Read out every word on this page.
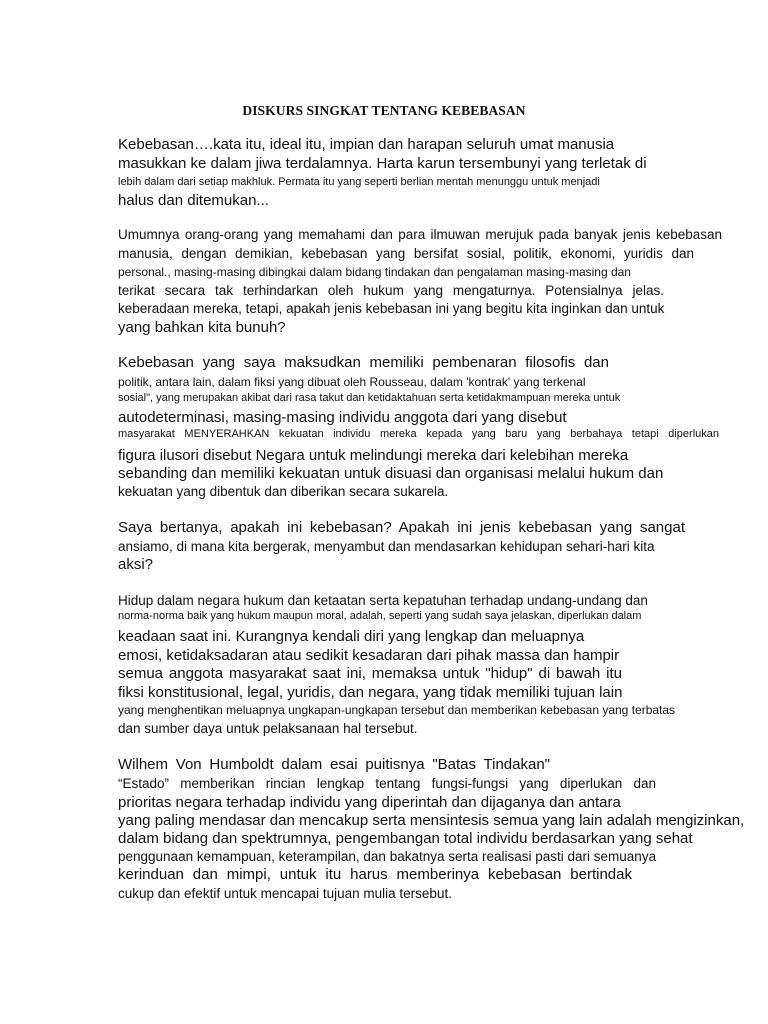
DISKURS SINGKAT TENTANG KEBEBASAN
Kebebasan….kata itu, ideal itu, impian dan harapan seluruh umat manusia
masukkan ke dalam jiwa terdalamnya. Harta karun tersembunyi yang terletak di
lebih dalam dari setiap makhluk. Permata itu yang seperti berlian mentah menunggu untuk menjadi
halus dan ditemukan...
Umumnya orang-orang yang memahami dan para ilmuwan merujuk pada banyak jenis kebebasan
manusia, dengan demikian, kebebasan yang bersifat sosial, politik, ekonomi, yuridis dan
personal., masing-masing dibingkai dalam bidang tindakan dan pengalaman masing-masing dan
terikat secara tak terhindarkan oleh hukum yang mengaturnya. Potensialnya jelas.
keberadaan mereka, tetapi, apakah jenis kebebasan ini yang begitu kita inginkan dan untuk
yang bahkan kita bunuh?
Kebebasan yang saya maksudkan memiliki pembenaran filosofis dan
politik, antara lain, dalam fiksi yang dibuat oleh Rousseau, dalam 'kontrak' yang terkenal
sosial", yang merupakan akibat dari rasa takut dan ketidaktahuan serta ketidakmampuan mereka untuk
autodeterminasi, masing-masing individu anggota dari yang disebut
masyarakat MENYERAHKAN kekuatan individu mereka kepada yang baru yang berbahaya tetapi diperlukan
figura ilusori disebut Negara untuk melindungi mereka dari kelebihan mereka
sebanding dan memiliki kekuatan untuk disuasi dan organisasi melalui hukum dan
kekuatan yang dibentuk dan diberikan secara sukarela.
Saya bertanya, apakah ini kebebasan? Apakah ini jenis kebebasan yang sangat
ansiamo, di mana kita bergerak, menyambut dan mendasarkan kehidupan sehari-hari kita
aksi?
Hidup dalam negara hukum dan ketaatan serta kepatuhan terhadap undang-undang dan
norma-norma baik yang hukum maupun moral, adalah, seperti yang sudah saya jelaskan, diperlukan dalam
keadaan saat ini. Kurangnya kendali diri yang lengkap dan meluapnya
emosi, ketidaksadaran atau sedikit kesadaran dari pihak massa dan hampir
semua anggota masyarakat saat ini, memaksa untuk "hidup" di bawah itu
fiksi konstitusional, legal, yuridis, dan negara, yang tidak memiliki tujuan lain
yang menghentikan meluapnya ungkapan-ungkapan tersebut dan memberikan kebebasan yang terbatas
dan sumber daya untuk pelaksanaan hal tersebut.
Wilhem Von Humboldt dalam esai puitisnya "Batas Tindakan"
“Estado” memberikan rincian lengkap tentang fungsi-fungsi yang diperlukan dan
prioritas negara terhadap individu yang diperintah dan dijaganya dan antara
yang paling mendasar dan mencakup serta mensintesis semua yang lain adalah mengizinkan,
dalam bidang dan spektrumnya, pengembangan total individu berdasarkan yang sehat
penggunaan kemampuan, keterampilan, dan bakatnya serta realisasi pasti dari semuanya
kerinduan dan mimpi, untuk itu harus memberinya kebebasan bertindak
cukup dan efektif untuk mencapai tujuan mulia tersebut.
